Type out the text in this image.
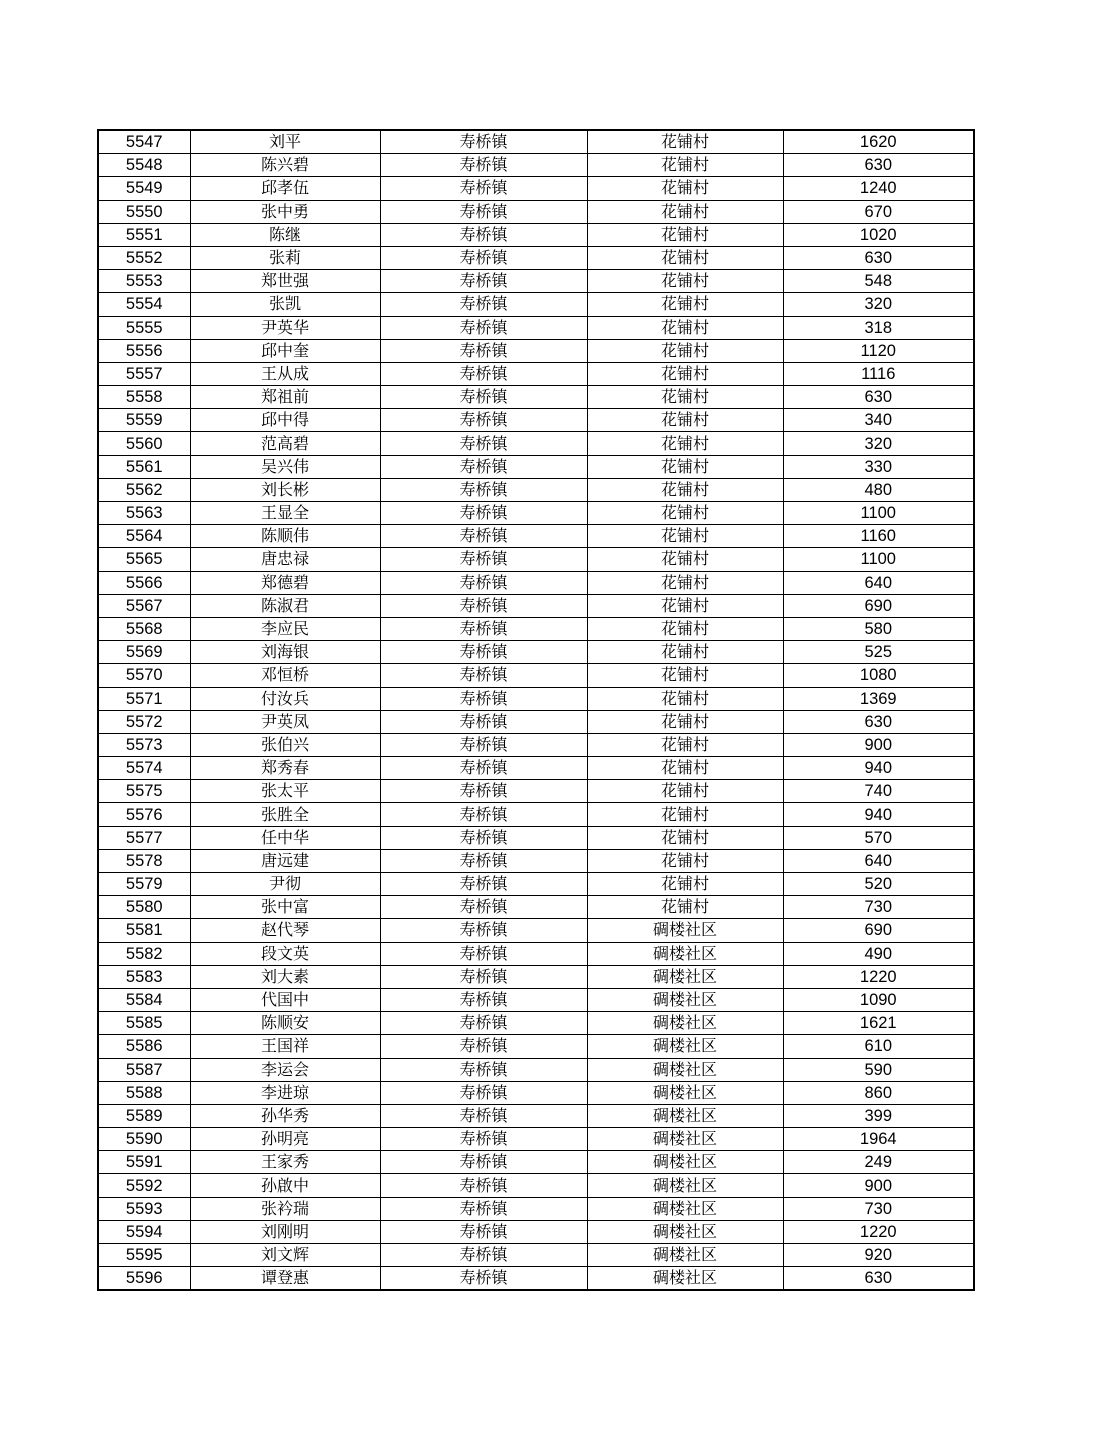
5547	刘平	寿桥镇	花铺村	1620
5548	陈兴碧	寿桥镇	花铺村	630
5549	邱孝伍	寿桥镇	花铺村	1240
5550	张中勇	寿桥镇	花铺村	670
5551	陈继	寿桥镇	花铺村	1020
5552	张莉	寿桥镇	花铺村	630
5553	郑世强	寿桥镇	花铺村	548
5554	张凯	寿桥镇	花铺村	320
5555	尹英华	寿桥镇	花铺村	318
5556	邱中奎	寿桥镇	花铺村	1120
5557	王从成	寿桥镇	花铺村	1116
5558	郑祖前	寿桥镇	花铺村	630
5559	邱中得	寿桥镇	花铺村	340
5560	范高碧	寿桥镇	花铺村	320
5561	吴兴伟	寿桥镇	花铺村	330
5562	刘长彬	寿桥镇	花铺村	480
5563	王显全	寿桥镇	花铺村	1100
5564	陈顺伟	寿桥镇	花铺村	1160
5565	唐忠禄	寿桥镇	花铺村	1100
5566	郑德碧	寿桥镇	花铺村	640
5567	陈淑君	寿桥镇	花铺村	690
5568	李应民	寿桥镇	花铺村	580
5569	刘海银	寿桥镇	花铺村	525
5570	邓恒桥	寿桥镇	花铺村	1080
5571	付汝兵	寿桥镇	花铺村	1369
5572	尹英凤	寿桥镇	花铺村	630
5573	张伯兴	寿桥镇	花铺村	900
5574	郑秀春	寿桥镇	花铺村	940
5575	张太平	寿桥镇	花铺村	740
5576	张胜全	寿桥镇	花铺村	940
5577	任中华	寿桥镇	花铺村	570
5578	唐远建	寿桥镇	花铺村	640
5579	尹彻	寿桥镇	花铺村	520
5580	张中富	寿桥镇	花铺村	730
5581	赵代琴	寿桥镇	碉楼社区	690
5582	段文英	寿桥镇	碉楼社区	490
5583	刘大素	寿桥镇	碉楼社区	1220
5584	代国中	寿桥镇	碉楼社区	1090
5585	陈顺安	寿桥镇	碉楼社区	1621
5586	王国祥	寿桥镇	碉楼社区	610
5587	李运会	寿桥镇	碉楼社区	590
5588	李进琼	寿桥镇	碉楼社区	860
5589	孙华秀	寿桥镇	碉楼社区	399
5590	孙明亮	寿桥镇	碉楼社区	1964
5591	王家秀	寿桥镇	碉楼社区	249
5592	孙啟中	寿桥镇	碉楼社区	900
5593	张衿瑞	寿桥镇	碉楼社区	730
5594	刘刚明	寿桥镇	碉楼社区	1220
5595	刘文辉	寿桥镇	碉楼社区	920
5596	谭登惠	寿桥镇	碉楼社区	630
